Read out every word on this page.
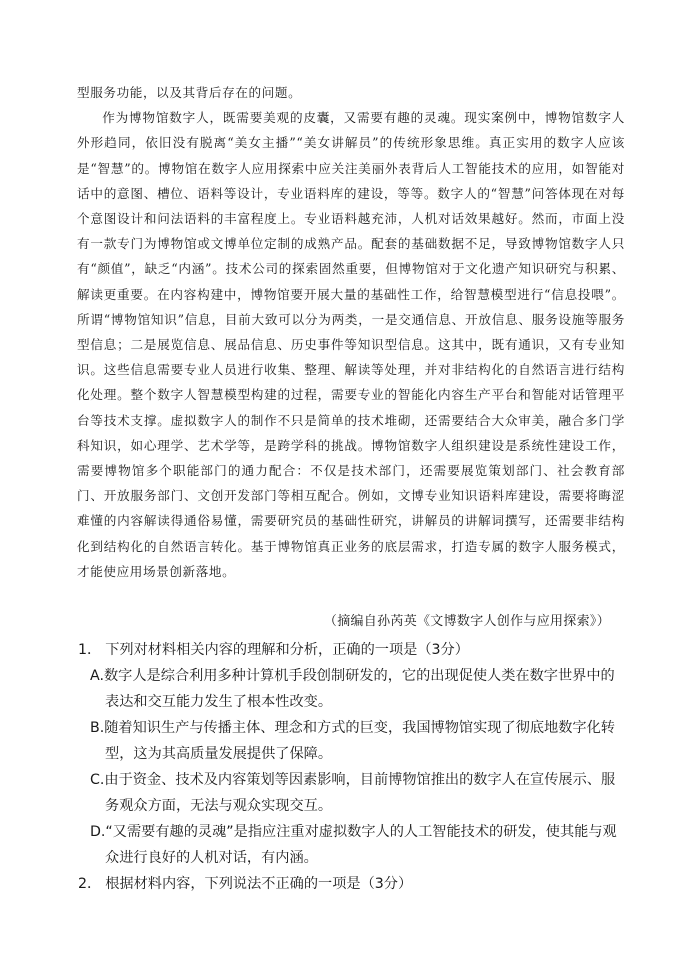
型服务功能，以及其背后存在的问题。

作为博物馆数字人，既需要美观的皮囊，又需要有趣的灵魂。现实案例中，博物馆数字人外形趋同，依旧没有脱离“美女主播”“美女讲解员”的传统形象思维。真正实用的数字人应该是“智慧”的。博物馆在数字人应用探索中应关注美丽外表背后人工智能技术的应用，如智能对话中的意图、槽位、语料等设计，专业语料库的建设，等等。数字人的“智慧”问答体现在对每个意图设计和问法语料的丰富程度上。专业语料越充沛，人机对话效果越好。然而，市面上没有一款专门为博物馆或文博单位定制的成熟产品。配套的基础数据不足，导致博物馆数字人只有“颜值”，缺乏“内涵”。技术公司的探索固然重要，但博物馆对于文化遗产知识研究与积累、解读更重要。在内容构建中，博物馆要开展大量的基础性工作，给智慧模型进行“信息投喂”。所谓“博物馆知识”信息，目前大致可以分为两类，一是交通信息、开放信息、服务设施等服务型信息；二是展览信息、展品信息、历史事件等知识型信息。这其中，既有通识，又有专业知识。这些信息需要专业人员进行收集、整理、解读等处理，并对非结构化的自然语言进行结构化处理。整个数字人智慧模型构建的过程，需要专业的智能化内容生产平台和智能对话管理平台等技术支撑。虚拟数字人的制作不只是简单的技术堆砌，还需要结合大众审美，融合多门学科知识，如心理学、艺术学等，是跨学科的挑战。博物馆数字人组织建设是系统性建设工作，需要博物馆多个职能部门的通力配合：不仅是技术部门，还需要展览策划部门、社会教育部门、开放服务部门、文创开发部门等相互配合。例如，文博专业知识语料库建设，需要将晦涩难懂的内容解读得通俗易懂，需要研究员的基础性研究，讲解员的讲解词撰写，还需要非结构化到结构化的自然语言转化。基于博物馆真正业务的底层需求，打造专属的数字人服务模式，才能使应用场景创新落地。

（摘编自孙芮英《文博数字人创作与应用探索》）

1． 下列对材料相关内容的理解和分析，正确的一项是（3分）

A.数字人是综合利用多种计算机手段创制研发的，它的出现促使人类在数字世界中的表达和交互能力发生了根本性改变。

B.随着知识生产与传播主体、理念和方式的巨变，我国博物馆实现了彻底地数字化转型，这为其高质量发展提供了保障。

C.由于资金、技术及内容策划等因素影响，目前博物馆推出的数字人在宣传展示、服务观众方面，无法与观众实现交互。

D.“又需要有趣的灵魂”是指应注重对虚拟数字人的人工智能技术的研发，使其能与观众进行良好的人机对话，有内涵。

2． 根据材料内容，下列说法不正确的一项是（3分）
